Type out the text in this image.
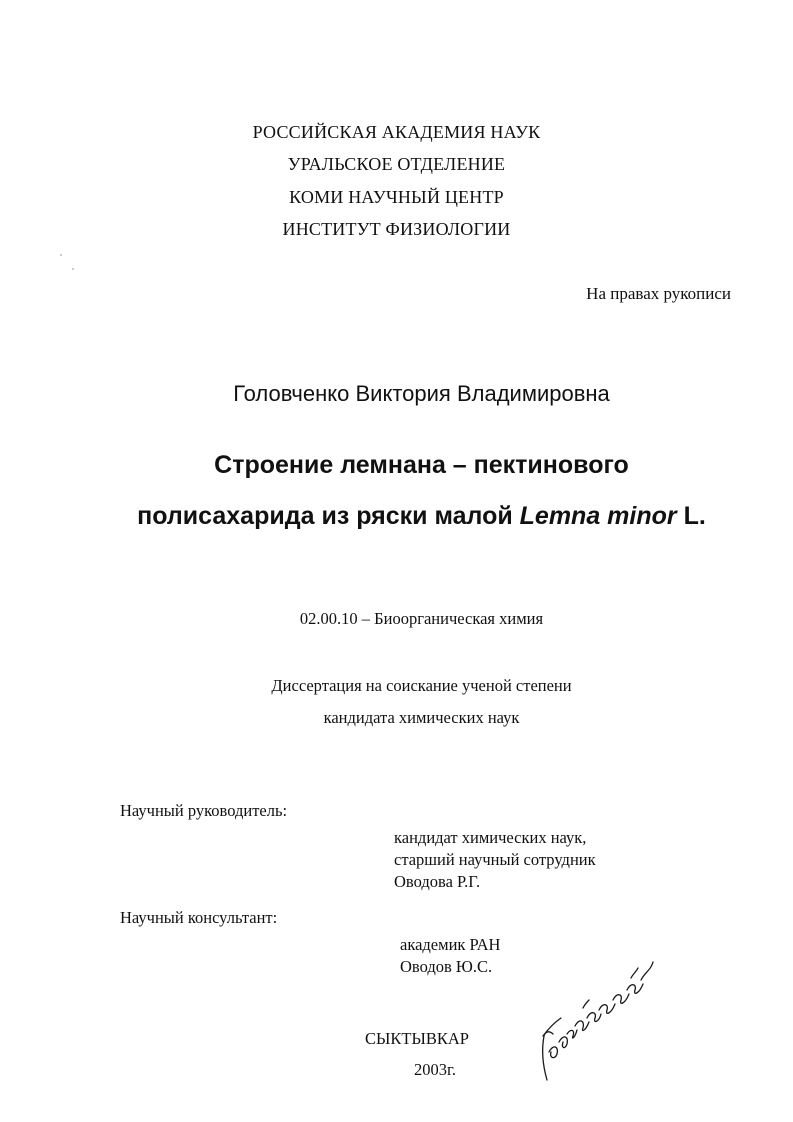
РОССИЙСКАЯ АКАДЕМИЯ НАУК
УРАЛЬСКОЕ ОТДЕЛЕНИЕ
КОМИ НАУЧНЫЙ ЦЕНТР
ИНСТИТУТ ФИЗИОЛОГИИ
На правах рукописи
Головченко Виктория Владимировна
Строение лемнана – пектинового
полисахарида из ряски малой Lemna minor L.
02.00.10 – Биоорганическая химия
Диссертация на соискание ученой степени
кандидата химических наук
Научный руководитель:
кандидат химических наук,
старший научный сотрудник
Оводова Р.Г.
Научный консультант:
академик РАН
Оводов Ю.С.
СЫКТЫВКАР
2003г.
